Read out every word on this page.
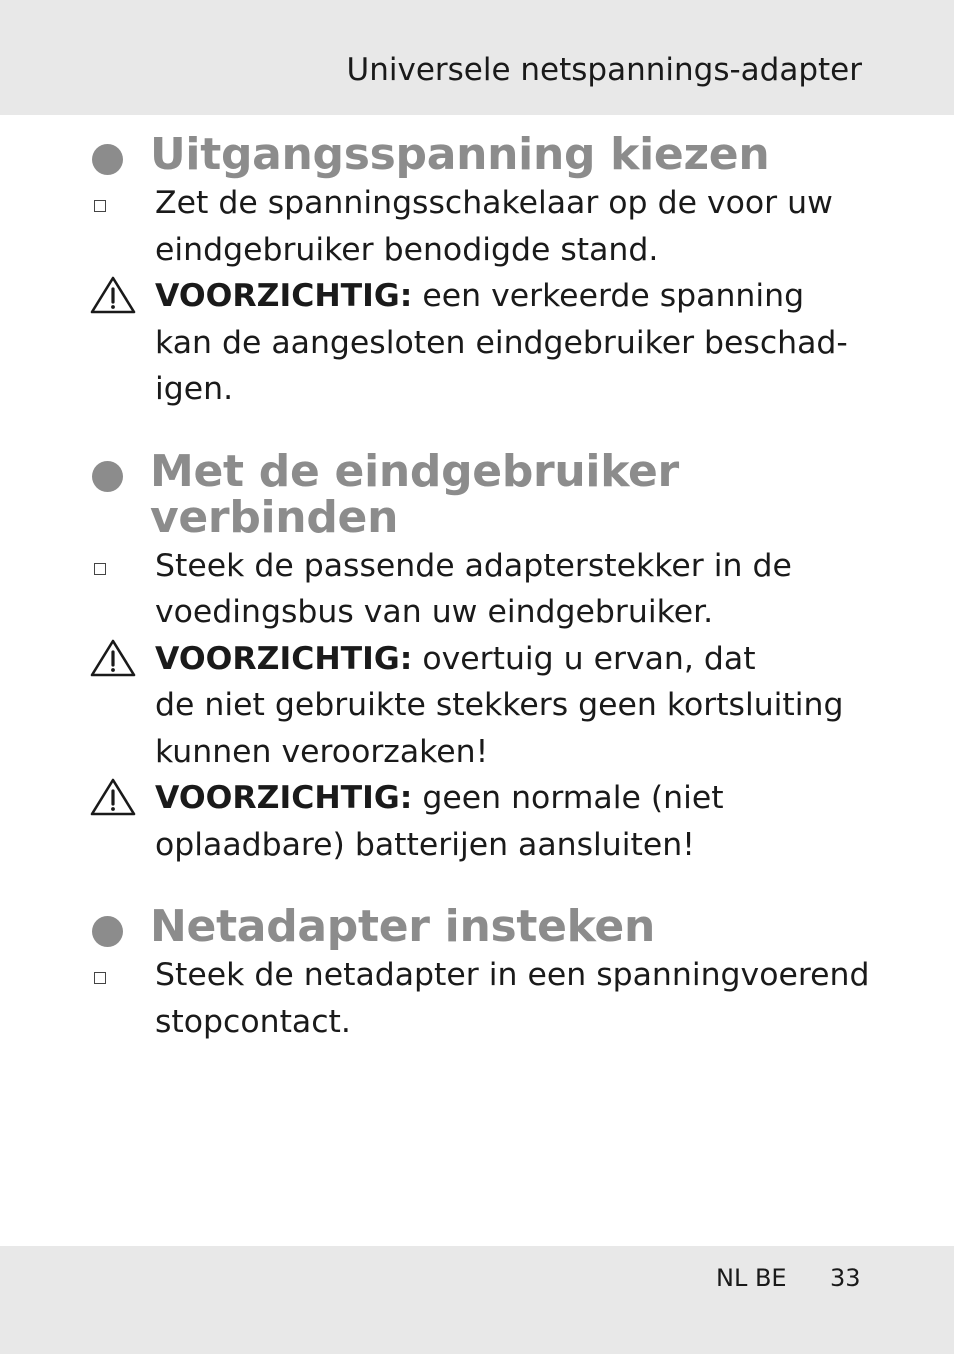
Universele netspannings-adapter
Uitgangsspanning kiezen
Zet de spanningsschakelaar op de voor uw
eindgebruiker benodigde stand.
VOORZICHTIG: een verkeerde spanning
kan de aangesloten eindgebruiker beschad-
igen.
Met de eindgebruiker
verbinden
Steek de passende adapterstekker in de
voedingsbus van uw eindgebruiker.
VOORZICHTIG: overtuig u ervan, dat
de niet gebruikte stekkers geen kortsluiting
kunnen veroorzaken!
VOORZICHTIG: geen normale (niet
oplaadbare) batterijen aansluiten!
Netadapter insteken
Steek de netadapter in een spanningvoerend
stopcontact.
NL BE 33
